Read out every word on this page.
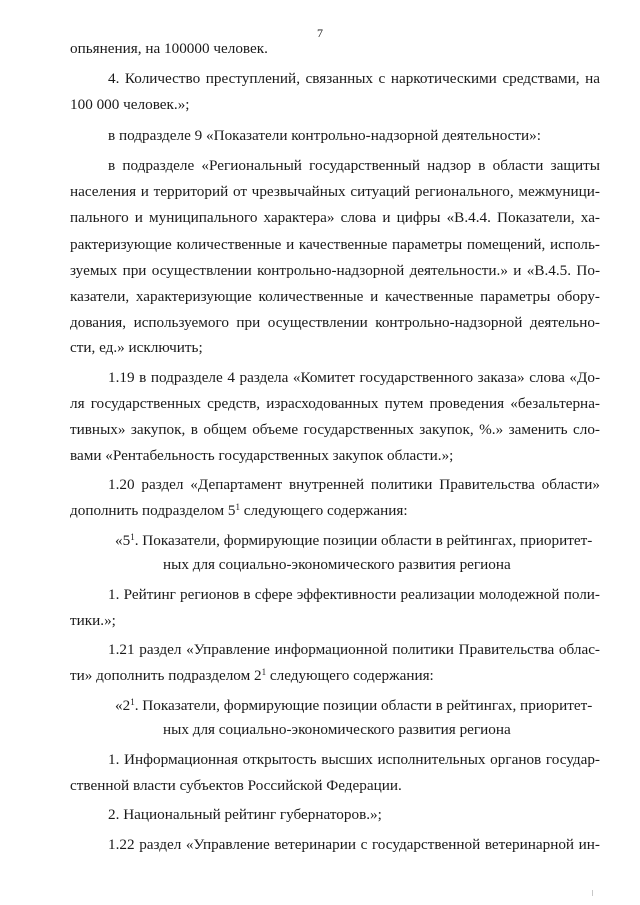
7
опьянения, на 100000 человек.
4. Количество преступлений, связанных с наркотическими средствами, на
100 000 человек.»;
в подразделе 9 «Показатели контрольно-надзорной деятельности»:
в подразделе «Региональный государственный надзор в области защиты
населения и территорий от чрезвычайных ситуаций регионального, межмуници-
пального и муниципального характера» слова и цифры «В.4.4. Показатели, ха-
рактеризующие количественные и качественные параметры помещений, исполь-
зуемых при осуществлении контрольно-надзорной деятельности.» и «В.4.5. По-
казатели, характеризующие количественные и качественные параметры обору-
дования, используемого при осуществлении контрольно-надзорной деятельно-
сти, ед.» исключить;
1.19 в подразделе 4 раздела «Комитет государственного заказа» слова «До-
ля государственных средств, израсходованных путем проведения «безальтерна-
тивных» закупок, в общем объеме государственных закупок, %.» заменить сло-
вами «Рентабельность государственных закупок области.»;
1.20 раздел «Департамент внутренней политики Правительства области»
дополнить подразделом $5^1$ следующего содержания:
«$5^1$. Показатели, формирующие позиции области в рейтингах, приоритет-
ных для социально-экономического развития региона
1. Рейтинг регионов в сфере эффективности реализации молодежной поли-
тики.»;
1.21 раздел «Управление информационной политики Правительства облас-
ти» дополнить подразделом $2^1$ следующего содержания:
«$2^1$. Показатели, формирующие позиции области в рейтингах, приоритет-
ных для социально-экономического развития региона
1. Информационная открытость высших исполнительных органов государ-
ственной власти субъектов Российской Федерации.
2. Национальный рейтинг губернаторов.»;
1.22 раздел «Управление ветеринарии с государственной ветеринарной ин-
